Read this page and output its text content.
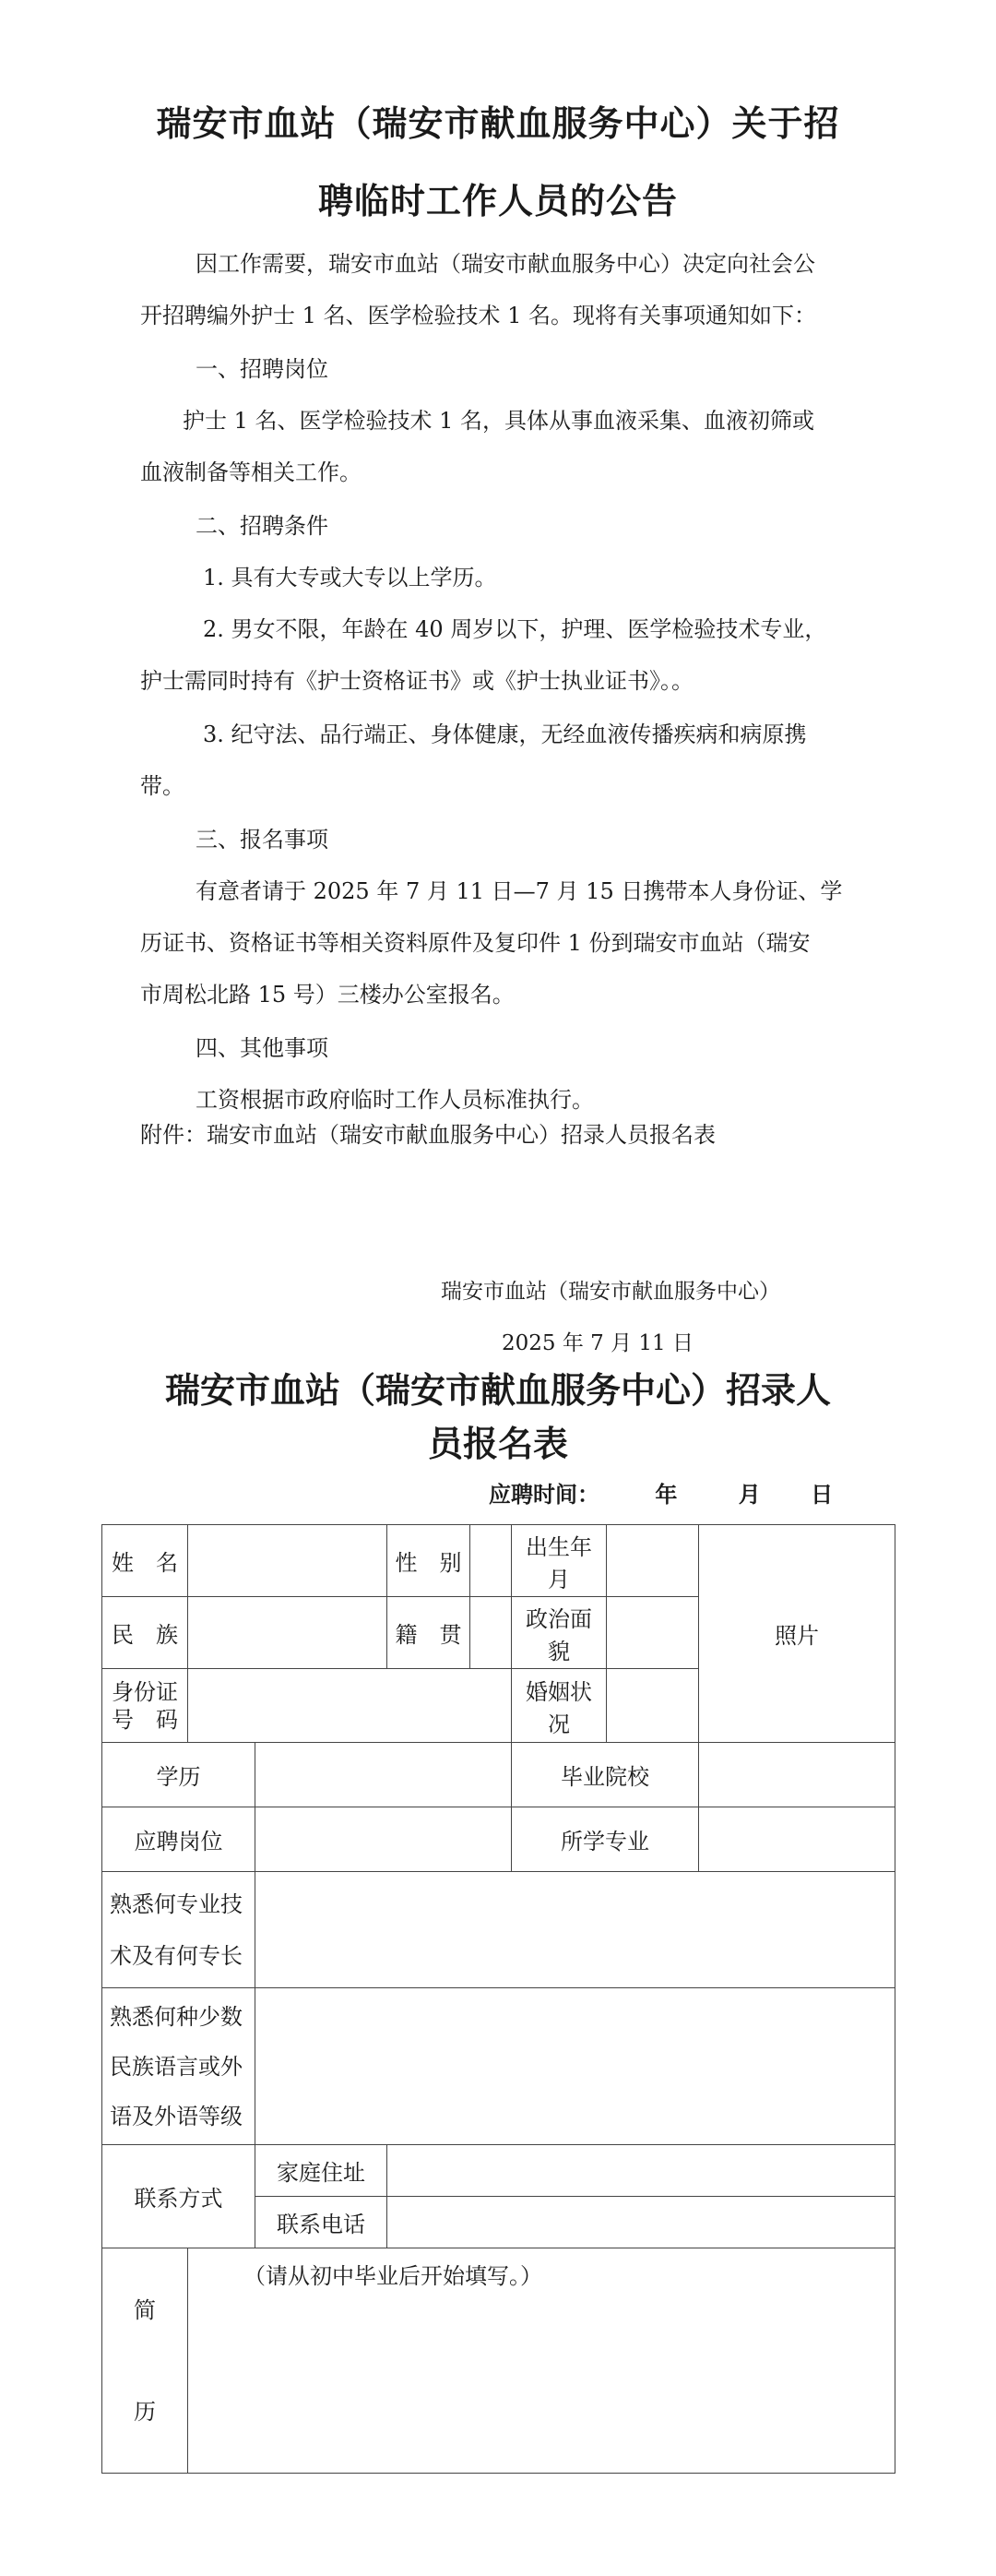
瑞安市血站（瑞安市献血服务中心）关于招
聘临时工作人员的公告
因工作需要，瑞安市血站（瑞安市献血服务中心）决定向社会公
开招聘编外护士 1 名、医学检验技术 1 名。现将有关事项通知如下：
一、招聘岗位
护士 1 名、医学检验技术 1 名，具体从事血液采集、血液初筛或
血液制备等相关工作。
二、招聘条件
1. 具有大专或大专以上学历。
2. 男女不限，年龄在 40 周岁以下，护理、医学检验技术专业，
护士需同时持有《护士资格证书》或《护士执业证书》。。
3. 纪守法、品行端正、身体健康，无经血液传播疾病和病原携
带。
三、报名事项
有意者请于 2025 年 7 月 11 日—7 月 15 日携带本人身份证、学
历证书、资格证书等相关资料原件及复印件 1 份到瑞安市血站（瑞安
市周松北路 15 号）三楼办公室报名。
四、其他事项
工资根据市政府临时工作人员标准执行。
附件：瑞安市血站（瑞安市献血服务中心）招录人员报名表
瑞安市血站（瑞安市献血服务中心）
2025 年 7 月 11 日
瑞安市血站（瑞安市献血服务中心）招录人
员报名表
应聘时间：	年	月 日
姓　名			性　别		出生年月		照片
民　族			籍　贯		政治面貌		

身份证
号　码					婚姻状况		
学历					毕业院校		
应聘岗位					所学专业		

熟悉何专业技
术及有何专长							

熟悉何种少数
民族语言或外
语及外语等级							

联系方式		家庭住址					
		联系电话					

简
历	（请从初中毕业后开始填写。）						
